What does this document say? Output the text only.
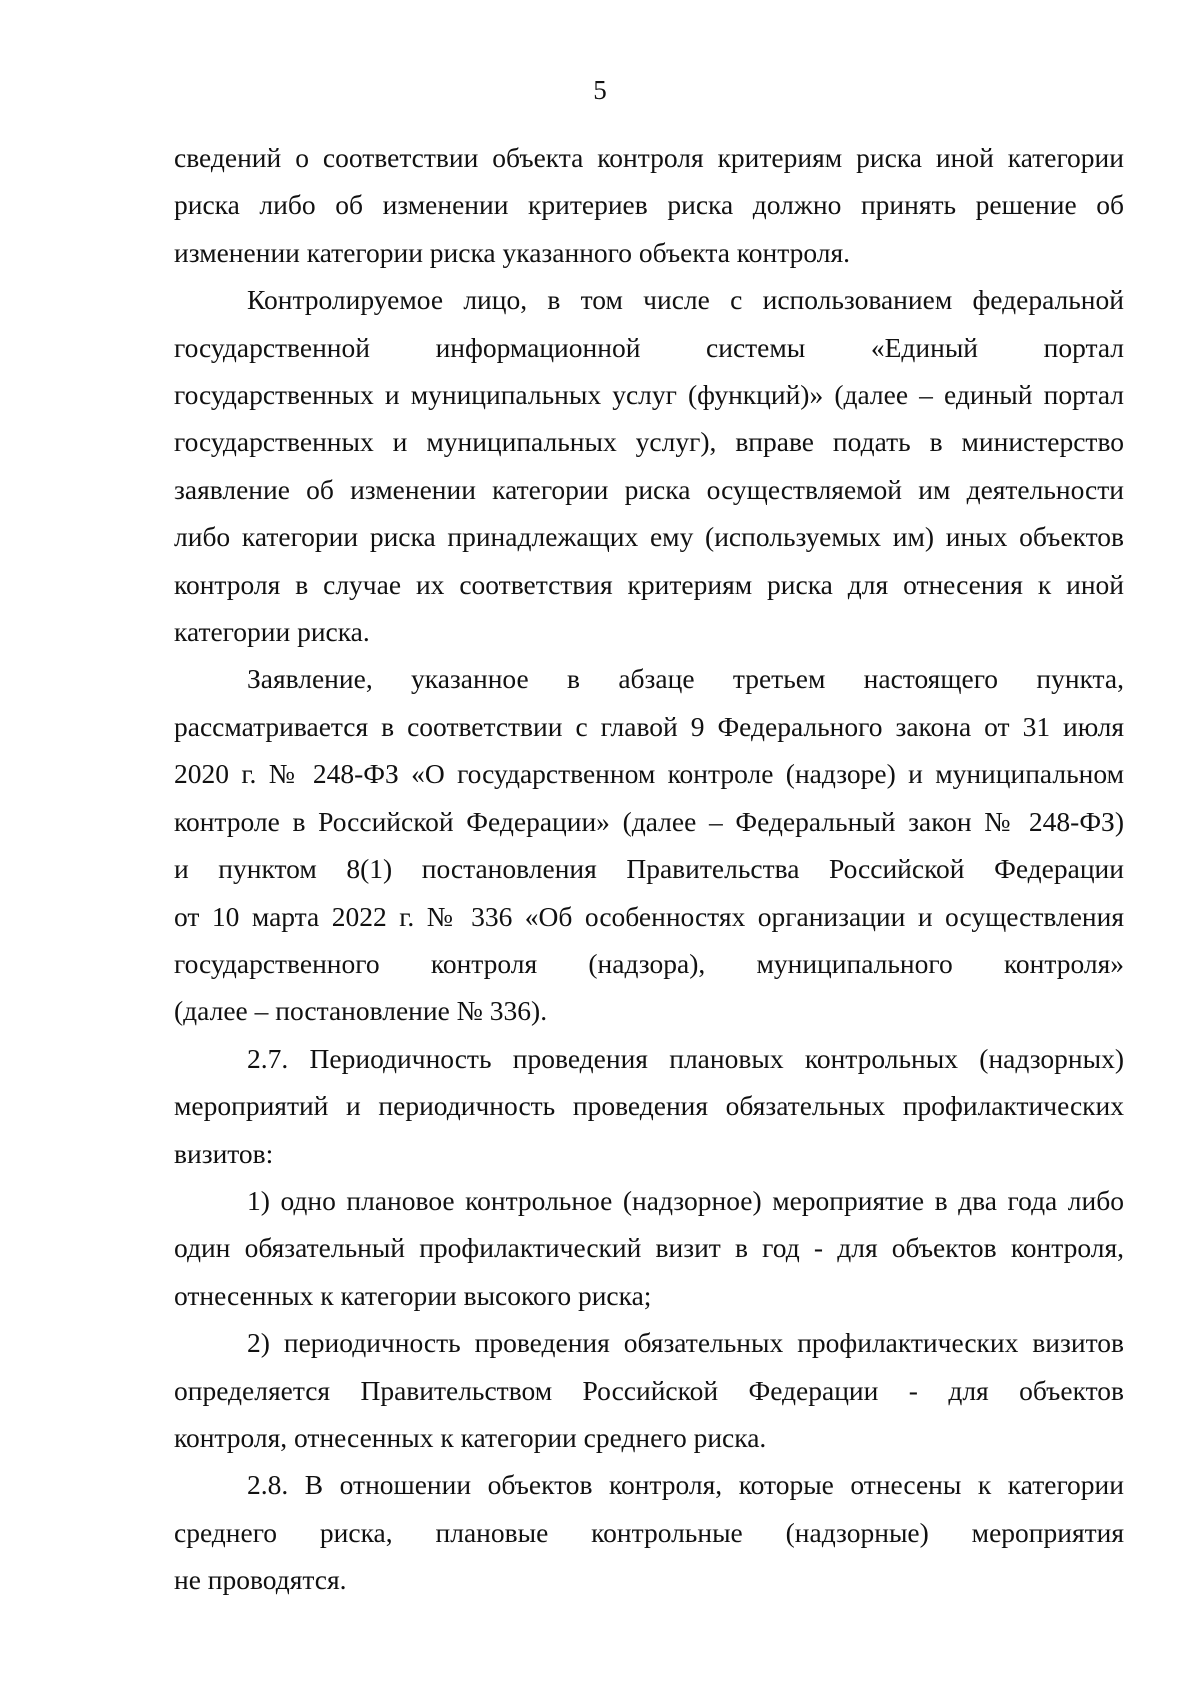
5
сведений о соответствии объекта контроля критериям риска иной категории
риска либо об изменении критериев риска должно принять решение об
изменении категории риска указанного объекта контроля.
Контролируемое лицо, в том числе с использованием федеральной
государственной информационной системы «Единый портал
государственных и муниципальных услуг (функций)» (далее – единый портал
государственных и муниципальных услуг), вправе подать в министерство
заявление об изменении категории риска осуществляемой им деятельности
либо категории риска принадлежащих ему (используемых им) иных объектов
контроля в случае их соответствия критериям риска для отнесения к иной
категории риска.
Заявление, указанное в абзаце третьем настоящего пункта,
рассматривается в соответствии с главой 9 Федерального закона от 31 июля
2020 г. № 248-ФЗ «О государственном контроле (надзоре) и муниципальном
контроле в Российской Федерации» (далее – Федеральный закон № 248-ФЗ)
и пунктом 8(1) постановления Правительства Российской Федерации
от 10 марта 2022 г. № 336 «Об особенностях организации и осуществления
государственного контроля (надзора), муниципального контроля»
(далее – постановление № 336).
2.7. Периодичность проведения плановых контрольных (надзорных)
мероприятий и периодичность проведения обязательных профилактических
визитов:
1) одно плановое контрольное (надзорное) мероприятие в два года либо
один обязательный профилактический визит в год - для объектов контроля,
отнесенных к категории высокого риска;
2) периодичность проведения обязательных профилактических визитов
определяется Правительством Российской Федерации - для объектов
контроля, отнесенных к категории среднего риска.
2.8. В отношении объектов контроля, которые отнесены к категории
среднего риска, плановые контрольные (надзорные) мероприятия
не проводятся.
